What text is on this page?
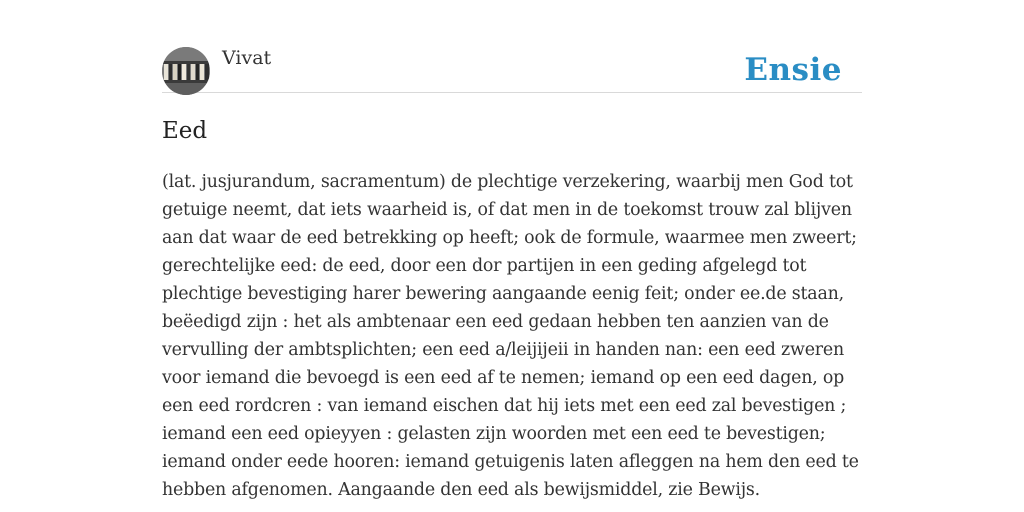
Vivat	Ensie
Eed
(lat. jusjurandum, sacramentum) de plechtige verzekering, waarbij men God tot
getuige neemt, dat iets waarheid is, of dat men in de toekomst trouw zal blijven
aan dat waar de eed betrekking op heeft; ook de formule, waarmee men zweert;
gerechtelijke eed: de eed, door een dor partijen in een geding afgelegd tot
plechtige bevestiging harer bewering aangaande eenig feit; onder ee.de staan,
beëedigd zijn : het als ambtenaar een eed gedaan hebben ten aanzien van de
vervulling der ambtsplichten; een eed a/leijijeii in handen nan: een eed zweren
voor iemand die bevoegd is een eed af te nemen; iemand op een eed dagen, op
een eed rordcren : van iemand eischen dat hij iets met een eed zal bevestigen ;
iemand een eed opieyyen : gelasten zijn woorden met een eed te bevestigen;
iemand onder eede hooren: iemand getuigenis laten afleggen na hem den eed te
hebben afgenomen. Aangaande den eed als bewijsmiddel, zie Bewijs.
